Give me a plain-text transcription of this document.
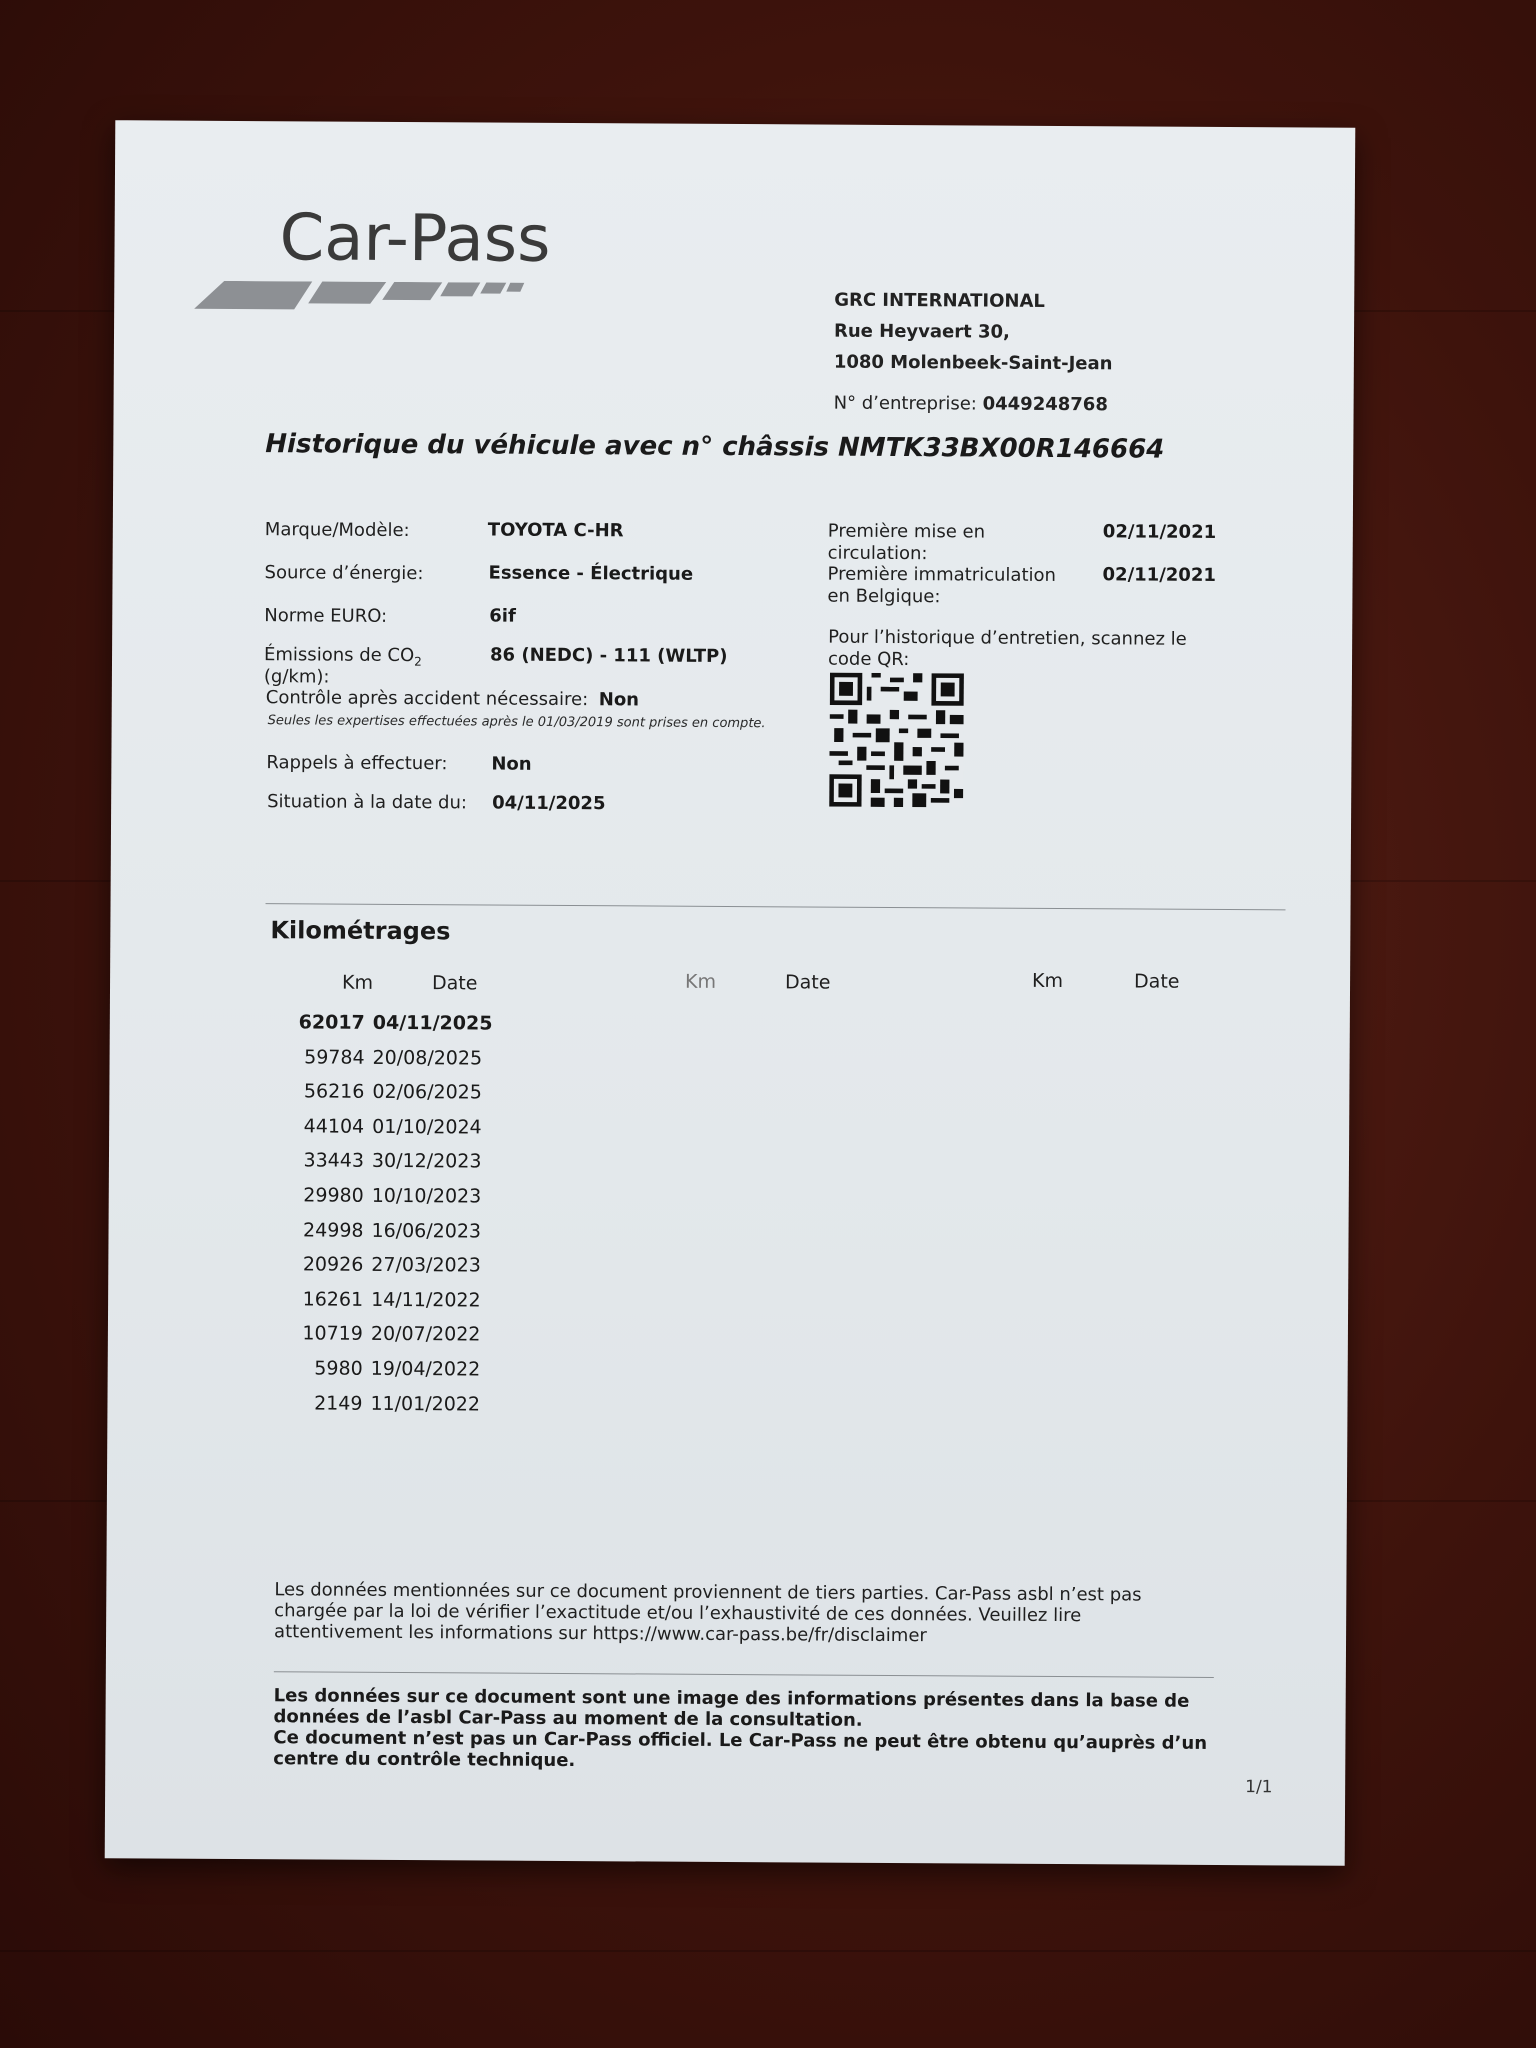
Car-Pass
GRC INTERNATIONAL
Rue Heyvaert 30,
1080 Molenbeek-Saint-Jean
N° d’entreprise: 0449248768
Historique du véhicule avec n° châssis NMTK33BX00R146664
Marque/Modèle:	TOYOTA C-HR
Source d’énergie:	Essence - Électrique
Norme EURO:	6if
Émissions de $CO_2$
(g/km):
86 (NEDC) - 111 (WLTP)
Contrôle après accident nécessaire: Non
Seules les expertises effectuées après le 01/03/2019 sont prises en compte.
Rappels à effectuer: Non
Situation à la date du: 04/11/2025
Première mise en
circulation:
02/11/2021
Première immatriculation
en Belgique:
02/11/2021
Pour l’historique d’entretien, scannez le
code QR:
Kilométrages
Km	Date	Km	Date	Km	Date
62017 04/11/2025
59784 20/08/2025
56216 02/06/2025
44104 01/10/2024
33443 30/12/2023
29980 10/10/2023
24998 16/06/2023
20926 27/03/2023
16261 14/11/2022
10719 20/07/2022
5980 19/04/2022
2149 11/01/2022
Les données mentionnées sur ce document proviennent de tiers parties. Car-Pass asbl n’est pas chargée par la loi de vérifier l’exactitude et/ou l’exhaustivité de ces données. Veuillez lire attentivement les informations sur https://www.car-pass.be/fr/disclaimer
Les données sur ce document sont une image des informations présentes dans la base de données de l’asbl Car-Pass au moment de la consultation.
Ce document n’est pas un Car-Pass officiel. Le Car-Pass ne peut être obtenu qu’auprès d’un centre du contrôle technique.
1/1
